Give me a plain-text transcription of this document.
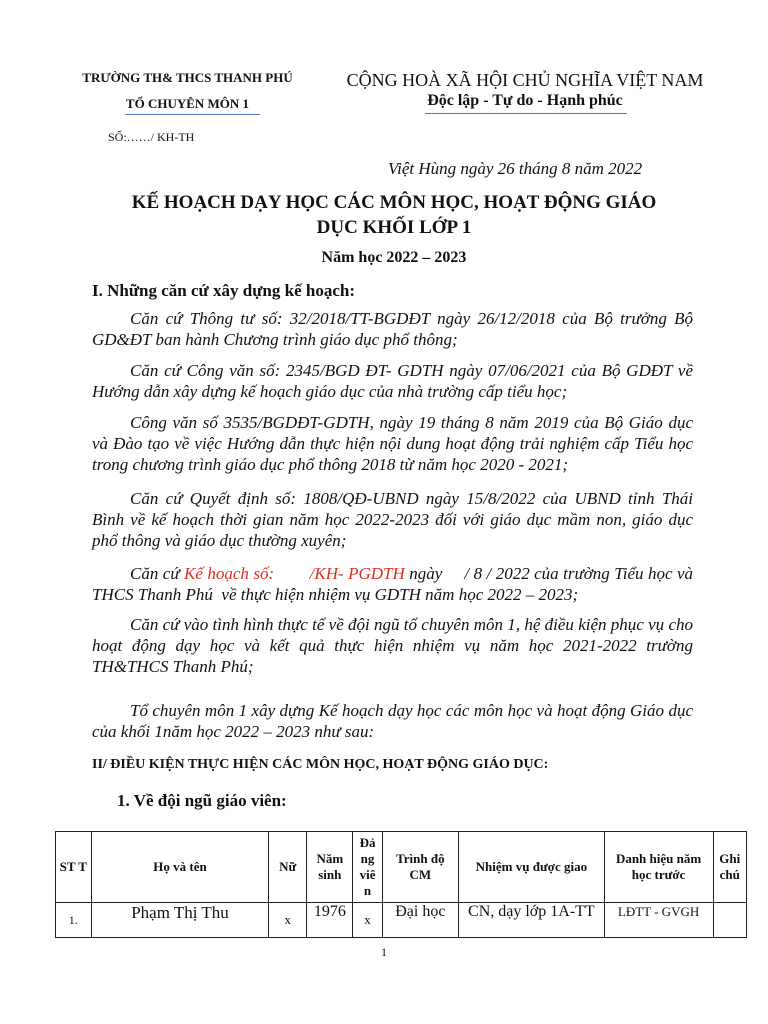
TRƯỜNG TH& THCS THANH PHÚ
TỔ CHUYÊN MÔN 1
SỐ:……/ KH-TH
CỘNG HOÀ XÃ HỘI CHỦ NGHĨA VIỆT NAM
Độc lập - Tự do - Hạnh phúc
Việt Hùng ngày 26 tháng 8 năm 2022
KẾ HOẠCH DẠY HỌC CÁC MÔN HỌC, HOẠT ĐỘNG GIÁO
DỤC KHỐI LỚP 1
Năm học 2022 – 2023
I. Những căn cứ xây dựng kế hoạch:
Căn cứ Thông tư số: 32/2018/TT-BGDĐT ngày 26/12/2018 của Bộ trưởng Bộ GD&ĐT ban hành Chương trình giáo dục phổ thông;
Căn cứ Công văn số: 2345/BGD ĐT- GDTH ngày 07/06/2021 của Bộ GDĐT về Hướng dẫn xây dựng kế hoạch giáo dục của nhà trường cấp tiểu học;
Công văn số 3535/BGDĐT-GDTH, ngày 19 tháng 8 năm 2019 của Bộ Giáo dục và Đào tạo về việc Hướng dẫn thực hiện nội dung hoạt động trải nghiệm cấp Tiểu học trong chương trình giáo dục phổ thông 2018 từ năm học 2020 - 2021;
Căn cứ Quyết định số: 1808/QĐ-UBND ngày 15/8/2022 của UBND tỉnh Thái Bình về kế hoạch thời gian năm học 2022-2023 đối với giáo dục mầm non, giáo dục phổ thông và giáo dục thường xuyên;
Căn cứ Kế hoạch số:        /KH- PGDTH ngày     / 8 / 2022 của trường Tiểu học và  THCS Thanh Phú  về thực hiện nhiệm vụ GDTH năm học 2022 – 2023;
Căn cứ vào tình hình thực tế về đội ngũ tổ chuyên môn 1, hệ điều kiện phục vụ cho hoạt động dạy học và kết quả thực hiện nhiệm vụ năm học 2021-2022 trường TH&THCS Thanh Phú;
Tổ chuyên môn 1 xây dựng Kế hoạch dạy học các môn học và hoạt động Giáo dục của khối 1năm học 2022 – 2023 như sau:
II/ ĐIỀU KIỆN THỰC HIỆN CÁC MÔN HỌC, HOẠT ĐỘNG GIÁO DỤC:
1. Về đội ngũ giáo viên:
ST T	Họ và tên	Nữ	Năm sinh	Đả ng viê n	Trình độ CM	Nhiệm vụ được giao	Danh hiệu năm học trước	Ghi chú
1.	Phạm Thị Thu	x	1976	x	Đại học	CN, dạy lớp 1A-TT	LĐTT - GVGH	
1
